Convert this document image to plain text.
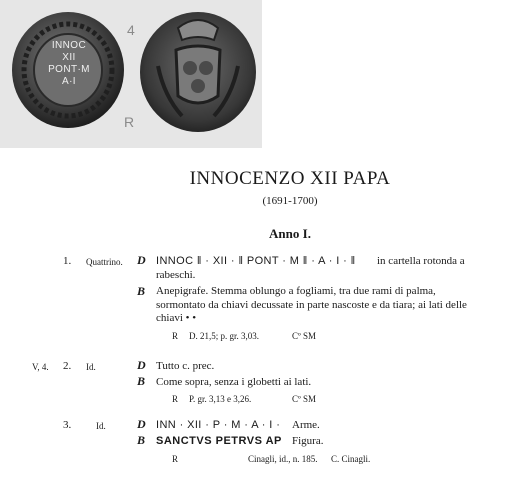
INNOC
XII
PONT·M
A·I
4
R
INNOCENZO XII PAPA
(1691-1700)
Anno I.
1. Quattrino. D INNOC ‖ · XII · ‖ PONT · M ‖ · A · I · ‖ in cartella rotonda a
rabeschi.
B Anepigrafe. Stemma oblungo a fogliami, tra due rami di palma, sormontato da chiavi decussate in parte nascoste e da tiara; ai lati delle chiavi • •
R D. 21,5; p. gr. 3,03.	Cº SM
V, 4. 2. Id.	D Tutto c. prec.
B Come sopra, senza i globetti ai lati.
R P. gr. 3,13 e 3,26.	Cº SM
3.	Id.	D INN · XII · P · M · A · I · Arme.
B SANCTVS PETRVS AP Figura.
R	Cinagli, id., n. 185. C. Cinagli.
